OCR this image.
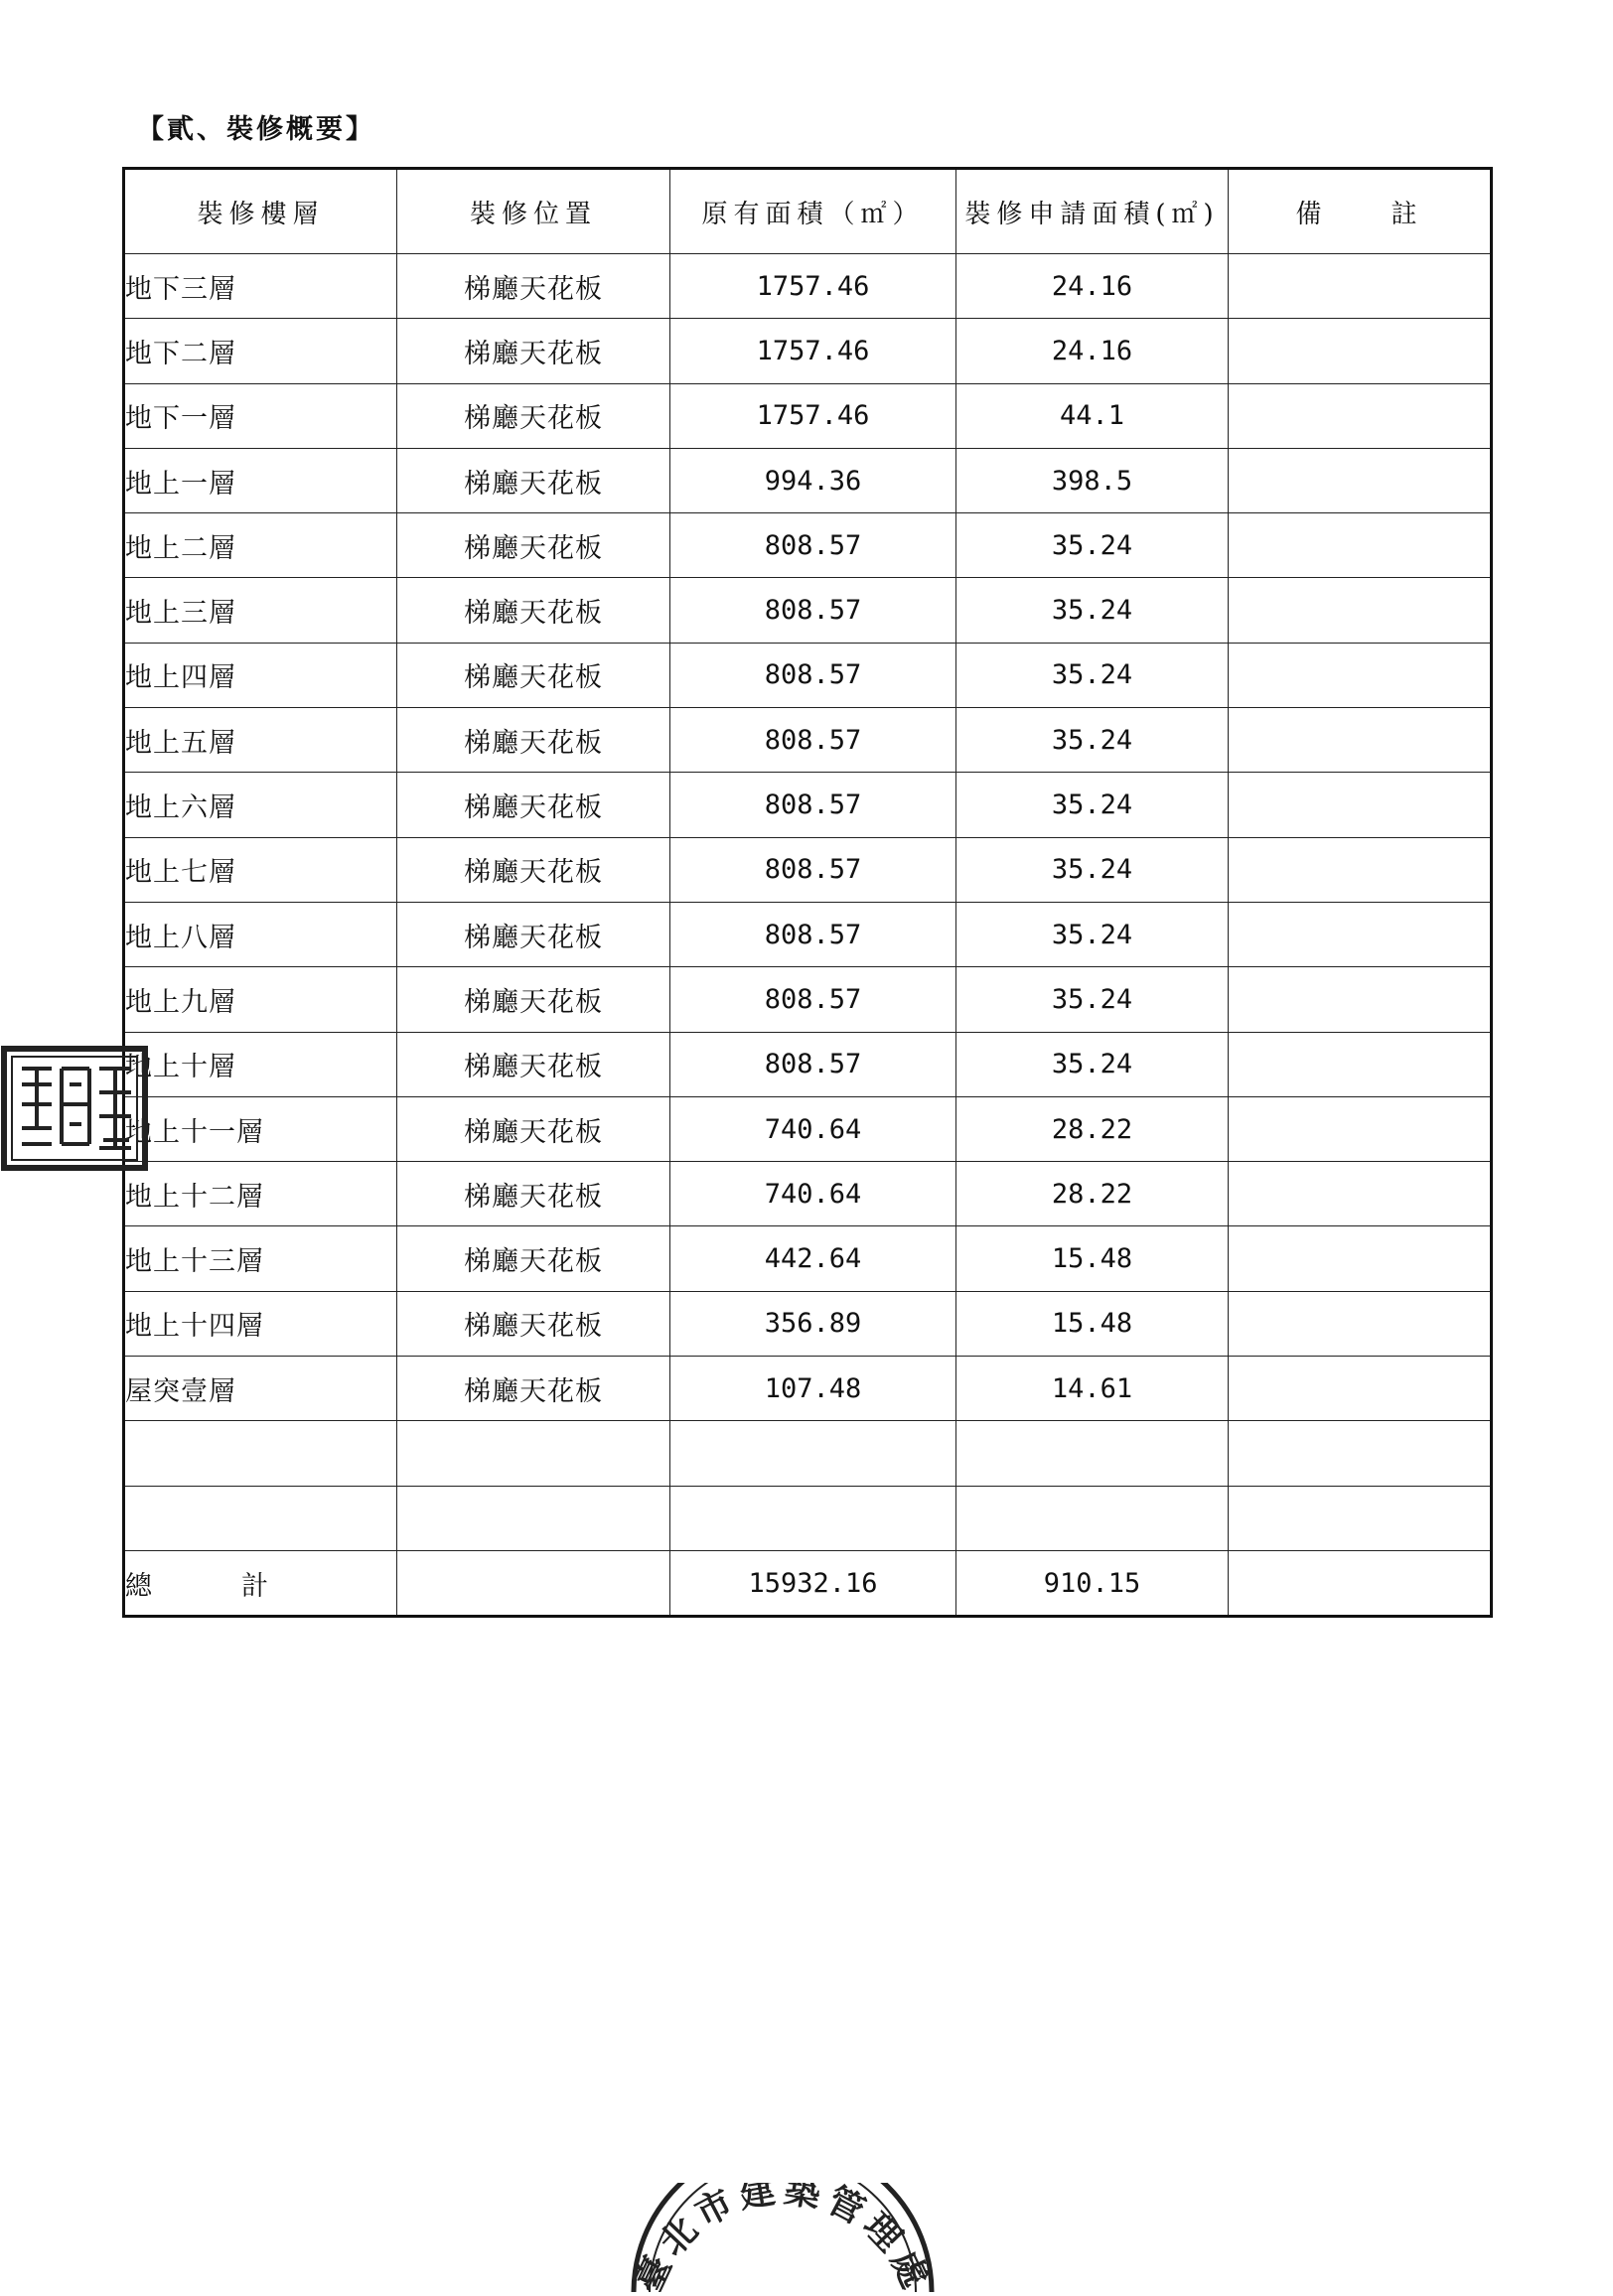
【貳、裝修概要】
裝修樓層	裝修位置	原有面積（㎡）	裝修申請面積(㎡)	備　　註
地下三層	梯廳天花板	1757.46	24.16	
地下二層	梯廳天花板	1757.46	24.16	
地下一層	梯廳天花板	1757.46	44.1	
地上一層	梯廳天花板	994.36	398.5	
地上二層	梯廳天花板	808.57	35.24	
地上三層	梯廳天花板	808.57	35.24	
地上四層	梯廳天花板	808.57	35.24	
地上五層	梯廳天花板	808.57	35.24	
地上六層	梯廳天花板	808.57	35.24	
地上七層	梯廳天花板	808.57	35.24	
地上八層	梯廳天花板	808.57	35.24	
地上九層	梯廳天花板	808.57	35.24	
地上十層	梯廳天花板	808.57	35.24	
地上十一層	梯廳天花板	740.64	28.22	
地上十二層	梯廳天花板	740.64	28.22	
地上十三層	梯廳天花板	442.64	15.48	
地上十四層	梯廳天花板	356.89	15.48	
屋突壹層	梯廳天花板	107.48	14.61	

總計		15932.16	910.15	
臺北市建築管理處
